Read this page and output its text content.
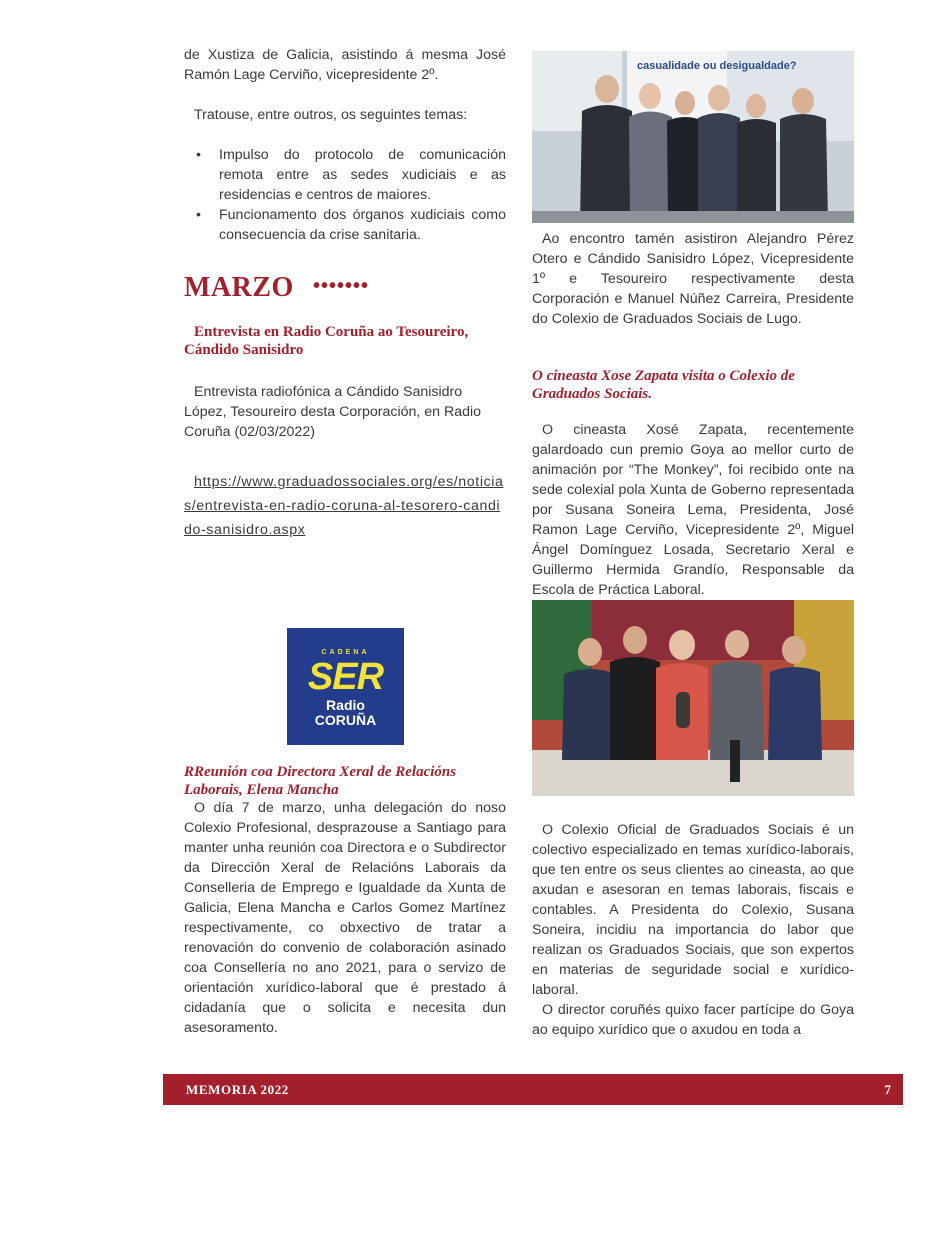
de Xustiza de Galicia, asistindo á mesma José Ramón Lage Cerviño, vicepresidente 2º.

Tratouse, entre outros, os seguintes temas:

• Impulso do protocolo de comunicación remota entre as sedes xudiciais e as residencias e centros de maiores.
• Funcionamento dos órganos xudiciais como consecuencia da crise sanitaria.
MARZO •••••••

Entrevista en Radio Coruña ao Tesoureiro, Cándido Sanisidro

Entrevista radiofónica a Cándido Sanisidro López, Tesoureiro desta Corporación, en Radio Coruña (02/03/2022)

https://www.graduadossociales.org/es/noticias/entrevista-en-radio-coruna-al-tesorero-candido-sanisidro.aspx

CADENA
SER
Radio
CORUÑA

RReunión coa Directora Xeral de Relacións Laborais, Elena Mancha

O día 7 de marzo, unha delegación do noso Colexio Profesional, desprazouse a Santiago para manter unha reunión coa Directora e o Subdirector da Dirección Xeral de Relacións Laborais da Conselleria de Emprego e Igualdade da Xunta de Galicia, Elena Mancha e Carlos Gomez Martínez respectivamente, co obxectivo de tratar a renovación do convenio de colaboración asinado coa Consellería no ano 2021, para o servizo de orientación xurídico-laboral que é prestado á cidadanía que o solicita e necesita dun asesoramento.

casualidade ou desigualdade?

Ao encontro tamén asistiron Alejandro Pérez Otero e Cándido Sanisidro López, Vicepresidente 1º e Tesoureiro respectivamente desta Corporación e Manuel Núñez Carreira, Presidente do Colexio de Graduados Sociais de Lugo.

O cineasta Xose Zapata visita o Colexio de Graduados Sociais.

O cineasta Xosé Zapata, recentemente galardoado cun premio Goya ao mellor curto de animación por “The Monkey”, foi recibido onte na sede colexial pola Xunta de Goberno representada por Susana Soneira Lema, Presidenta, José Ramon Lage Cerviño, Vicepresidente 2º, Miguel Ángel Domínguez Losada, Secretario Xeral e Guillermo Hermida Grandío, Responsable da Escola de Práctica Laboral.

O Colexio Oficial de Graduados Sociais é un colectivo especializado en temas xurídico-laborais, que ten entre os seus clientes ao cineasta, ao que axudan e asesoran en temas laborais, fiscais e contables. A Presidenta do Colexio, Susana Soneira, incidiu na importancia do labor que realizan os Graduados Sociais, que son expertos en materias de seguridade social e xurídico-laboral.

O director coruñés quixo facer partícipe do Goya ao equipo xurídico que o axudou en toda a

MEMORIA 2022	7
